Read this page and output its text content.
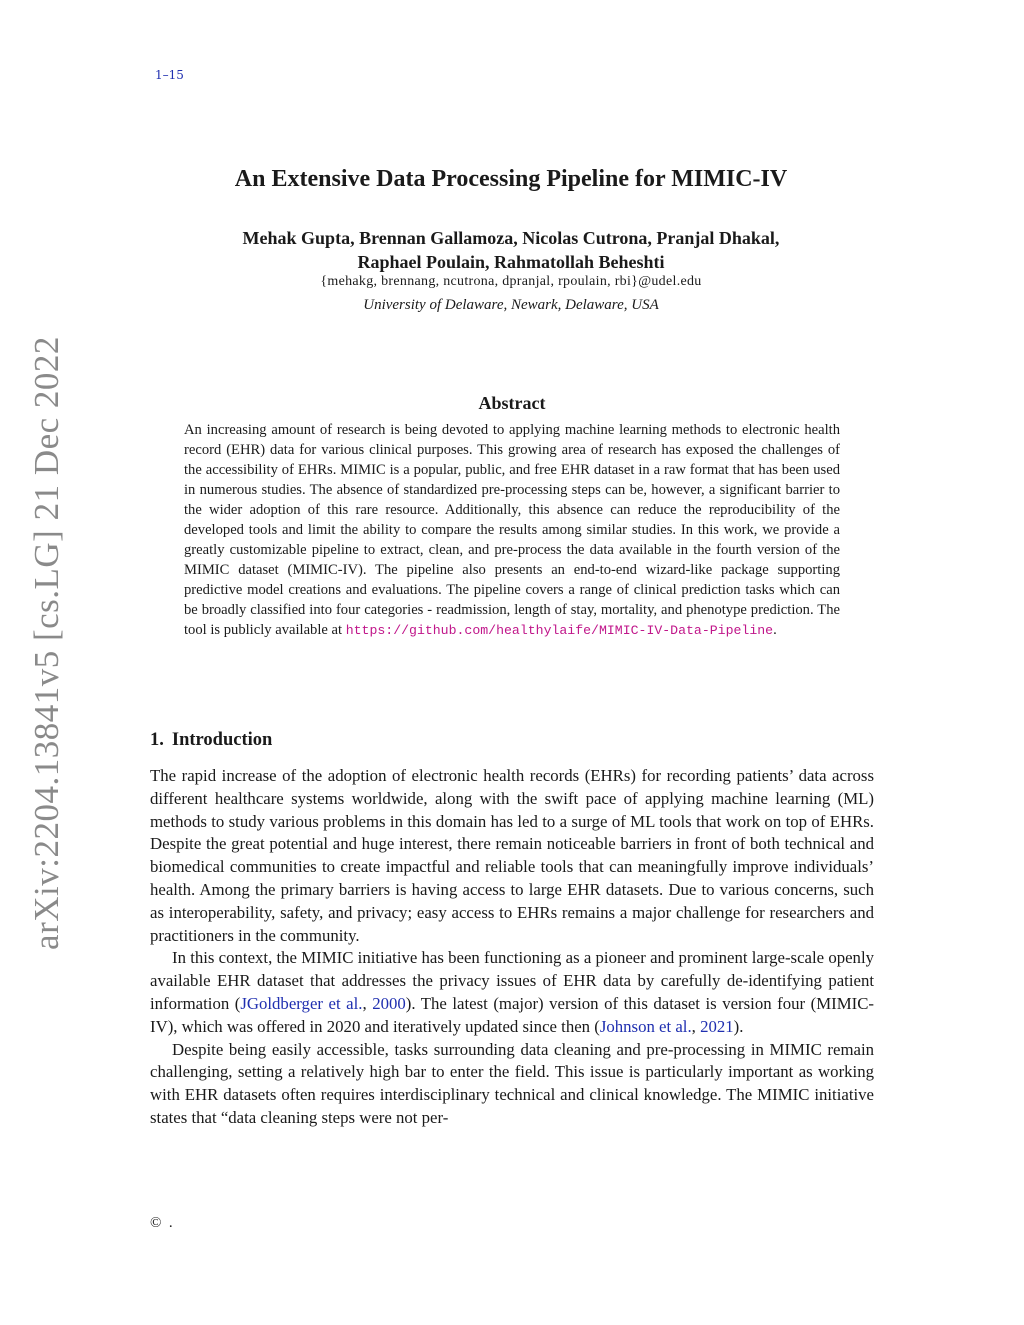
1–15
arXiv:2204.13841v5 [cs.LG] 21 Dec 2022
An Extensive Data Processing Pipeline for MIMIC-IV
Mehak Gupta, Brennan Gallamoza, Nicolas Cutrona, Pranjal Dhakal,
Raphael Poulain, Rahmatollah Beheshti
{mehakg, brennang, ncutrona, dpranjal, rpoulain, rbi}@udel.edu
University of Delaware, Newark, Delaware, USA
Abstract

An increasing amount of research is being devoted to applying machine learning methods to electronic health record (EHR) data for various clinical purposes. This growing area of research has exposed the challenges of the accessibility of EHRs. MIMIC is a popular, public, and free EHR dataset in a raw format that has been used in numerous studies. The absence of standardized pre-processing steps can be, however, a significant barrier to the wider adoption of this rare resource. Additionally, this absence can reduce the reproducibility of the developed tools and limit the ability to compare the results among similar studies. In this work, we provide a greatly customizable pipeline to extract, clean, and pre-process the data available in the fourth version of the MIMIC dataset (MIMIC-IV). The pipeline also presents an end-to-end wizard-like package supporting predictive model creations and evaluations. The pipeline covers a range of clinical prediction tasks which can be broadly classified into four categories - readmission, length of stay, mortality, and phenotype prediction. The tool is publicly available at https://github.com/healthylaife/MIMIC-IV-Data-Pipeline.

1. Introduction

The rapid increase of the adoption of electronic health records (EHRs) for recording patients’ data across different healthcare systems worldwide, along with the swift pace of applying machine learning (ML) methods to study various problems in this domain has led to a surge of ML tools that work on top of EHRs. Despite the great potential and huge interest, there remain noticeable barriers in front of both technical and biomedical communities to create impactful and reliable tools that can meaningfully improve individuals’ health. Among the primary barriers is having access to large EHR datasets. Due to various concerns, such as interoperability, safety, and privacy; easy access to EHRs remains a major challenge for researchers and practitioners in the community.

In this context, the MIMIC initiative has been functioning as a pioneer and prominent large-scale openly available EHR dataset that addresses the privacy issues of EHR data by carefully de-identifying patient information (JGoldberger et al., 2000). The latest (major) version of this dataset is version four (MIMIC-IV), which was offered in 2020 and iteratively updated since then (Johnson et al., 2021).

Despite being easily accessible, tasks surrounding data cleaning and pre-processing in MIMIC remain challenging, setting a relatively high bar to enter the field. This issue is particularly important as working with EHR datasets often requires interdisciplinary technical and clinical knowledge. The MIMIC initiative states that “data cleaning steps were not per-

© .
